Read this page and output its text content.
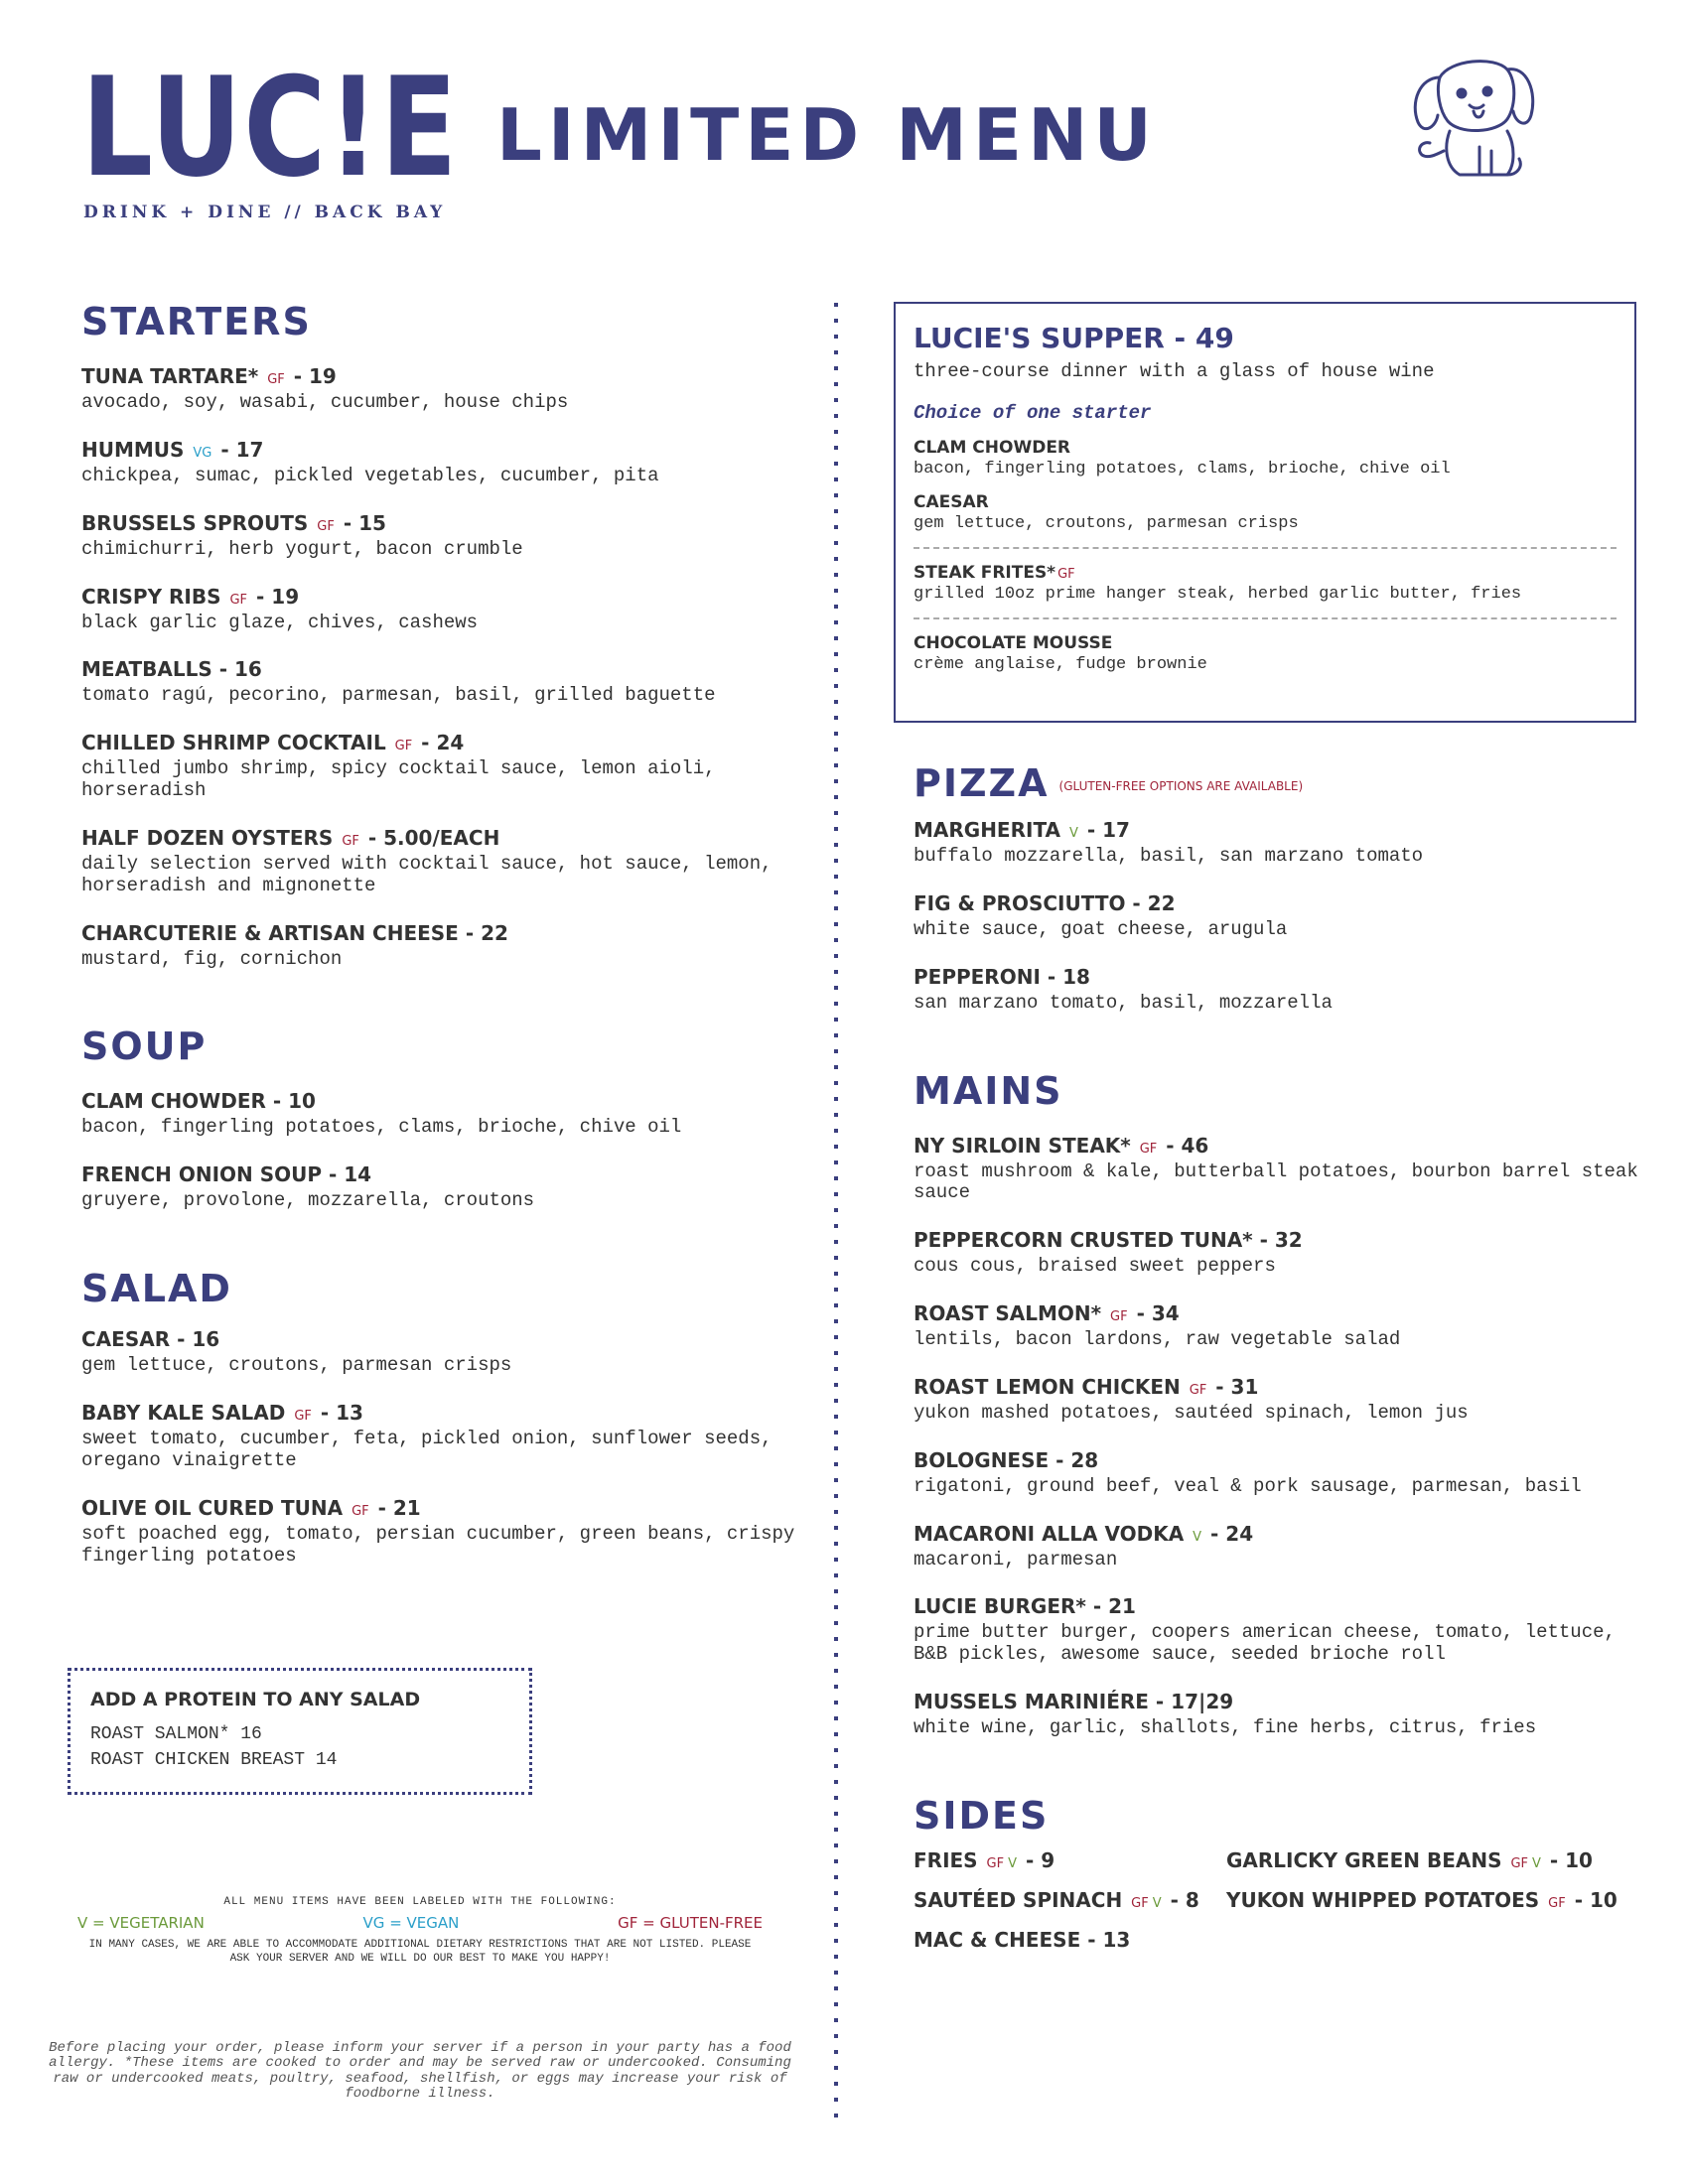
LUC!E
DRINK + DINE // BACK BAY
LIMITED MENU
STARTERS
TUNA TARTARE* GF - 19
avocado, soy, wasabi, cucumber, house chips
HUMMUS VG - 17
chickpea, sumac, pickled vegetables, cucumber, pita
BRUSSELS SPROUTS GF - 15
chimichurri, herb yogurt, bacon crumble
CRISPY RIBS GF - 19
black garlic glaze, chives, cashews
MEATBALLS - 16
tomato ragú, pecorino, parmesan, basil, grilled baguette
CHILLED SHRIMP COCKTAIL GF - 24
chilled jumbo shrimp, spicy cocktail sauce, lemon aioli, horseradish
HALF DOZEN OYSTERS GF - 5.00/EACH
daily selection served with cocktail sauce, hot sauce, lemon, horseradish and mignonette
CHARCUTERIE & ARTISAN CHEESE - 22
mustard, fig, cornichon
SOUP
CLAM CHOWDER - 10
bacon, fingerling potatoes, clams, brioche, chive oil
FRENCH ONION SOUP - 14
gruyere, provolone, mozzarella, croutons
SALAD
CAESAR - 16
gem lettuce, croutons, parmesan crisps
BABY KALE SALAD GF - 13
sweet tomato, cucumber, feta, pickled onion, sunflower seeds, oregano vinaigrette
OLIVE OIL CURED TUNA GF - 21
soft poached egg, tomato, persian cucumber, green beans, crispy fingerling potatoes
ADD A PROTEIN TO ANY SALAD
ROAST SALMON* 16
ROAST CHICKEN BREAST 14
ALL MENU ITEMS HAVE BEEN LABELED WITH THE FOLLOWING:
V = VEGETARIAN	VG = VEGAN	GF = GLUTEN-FREE
IN MANY CASES, WE ARE ABLE TO ACCOMMODATE ADDITIONAL DIETARY RESTRICTIONS THAT ARE NOT LISTED. PLEASE ASK YOUR SERVER AND WE WILL DO OUR BEST TO MAKE YOU HAPPY!
Before placing your order, please inform your server if a person in your party has a food allergy. *These items are cooked to order and may be served raw or undercooked. Consuming raw or undercooked meats, poultry, seafood, shellfish, or eggs may increase your risk of foodborne illness.
LUCIE'S SUPPER - 49
three-course dinner with a glass of house wine
Choice of one starter
CLAM CHOWDER
bacon, fingerling potatoes, clams, brioche, chive oil
CAESAR
gem lettuce, croutons, parmesan crisps
STEAK FRITES* GF
grilled 10oz prime hanger steak, herbed garlic butter, fries
CHOCOLATE MOUSSE
crème anglaise, fudge brownie
PIZZA (GLUTEN-FREE OPTIONS ARE AVAILABLE)
MARGHERITA V - 17
buffalo mozzarella, basil, san marzano tomato
FIG & PROSCIUTTO - 22
white sauce, goat cheese, arugula
PEPPERONI - 18
san marzano tomato, basil, mozzarella
MAINS
NY SIRLOIN STEAK* GF - 46
roast mushroom & kale, butterball potatoes, bourbon barrel steak sauce
PEPPERCORN CRUSTED TUNA* - 32
cous cous, braised sweet peppers
ROAST SALMON* GF - 34
lentils, bacon lardons, raw vegetable salad
ROAST LEMON CHICKEN GF - 31
yukon mashed potatoes, sautéed spinach, lemon jus
BOLOGNESE - 28
rigatoni, ground beef, veal & pork sausage, parmesan, basil
MACARONI ALLA VODKA V - 24
macaroni, parmesan
LUCIE BURGER* - 21
prime butter burger, coopers american cheese, tomato, lettuce, B&B pickles, awesome sauce, seeded brioche roll
MUSSELS MARINIÉRE - 17|29
white wine, garlic, shallots, fine herbs, citrus, fries
SIDES
FRIES GF V - 9	GARLICKY GREEN BEANS GF V - 10
SAUTÉED SPINACH GF V - 8	YUKON WHIPPED POTATOES GF - 10
MAC & CHEESE - 13
